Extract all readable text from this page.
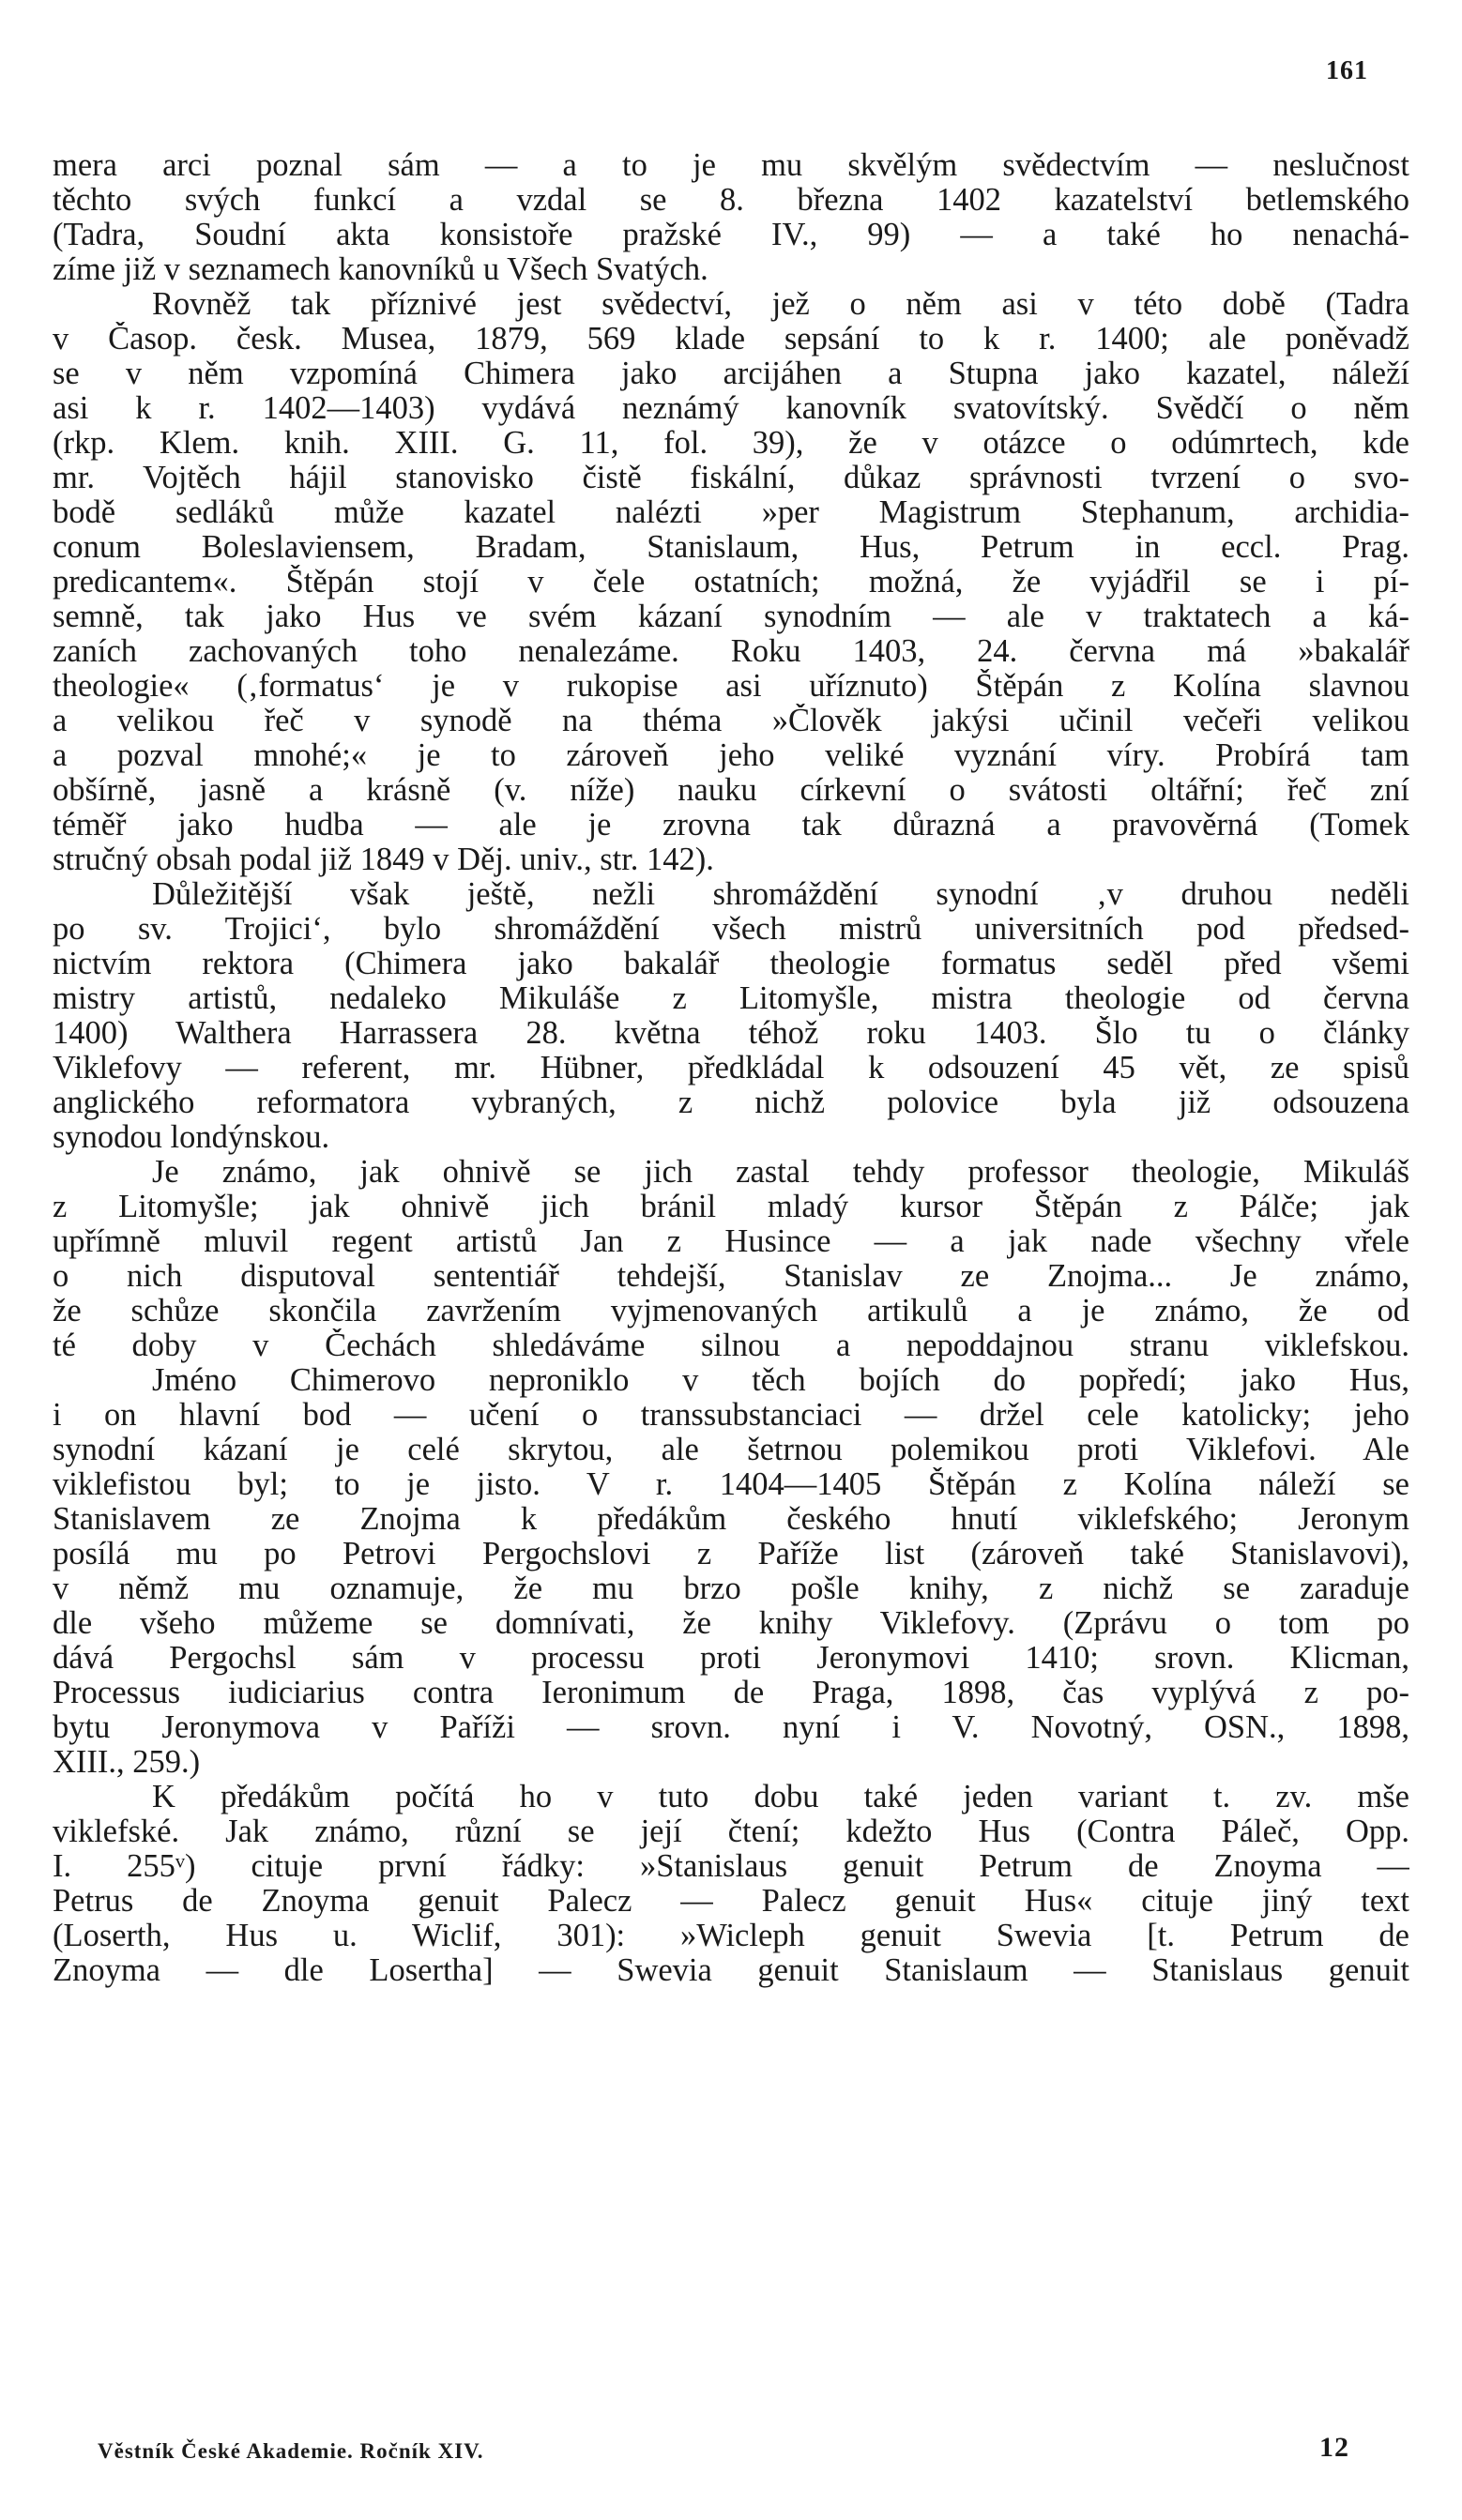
161
mera arci poznal sám — a to je mu skvělým svědectvím — neslučnost
těchto svých funkcí a vzdal se 8. března 1402 kazatelství betlemského
(Tadra, Soudní akta konsistoře pražské IV., 99) — a také ho nenachá-
zíme již v seznamech kanovníků u Všech Svatých.
Rovněž tak příznivé jest svědectví, jež o něm asi v této době (Tadra
v Časop. česk. Musea, 1879, 569 klade sepsání to k r. 1400; ale poněvadž
se v něm vzpomíná Chimera jako arcijáhen a Stupna jako kazatel, náleží
asi k r. 1402—1403) vydává neznámý kanovník svatovítský. Svědčí o něm
(rkp. Klem. knih. XIII. G. 11, fol. 39), že v otázce o odúmrtech, kde
mr. Vojtěch hájil stanovisko čistě fiskální, důkaz správnosti tvrzení o svo-
bodě sedláků může kazatel nalézti »per Magistrum Stephanum, archidia-
conum Boleslaviensem, Bradam, Stanislaum, Hus, Petrum in eccl. Prag.
predicantem«. Štěpán stojí v čele ostatních; možná, že vyjádřil se i pí-
semně, tak jako Hus ve svém kázaní synodním — ale v traktatech a ká-
zaních zachovaných toho nenalezáme. Roku 1403, 24. června má »bakalář
theologie« (‚formatus‘ je v rukopise asi uříznuto) Štěpán z Kolína slavnou
a velikou řeč v synodě na théma »Člověk jakýsi učinil večeři velikou
a pozval mnohé;« je to zároveň jeho veliké vyznání víry. Probírá tam
obšírně, jasně a krásně (v. níže) nauku církevní o svátosti oltářní; řeč zní
téměř jako hudba — ale je zrovna tak důrazná a pravověrná (Tomek
stručný obsah podal již 1849 v Děj. univ., str. 142).
Důležitější však ještě, nežli shromáždění synodní ‚v druhou neděli
po sv. Trojici‘, bylo shromáždění všech mistrů universitních pod předsed-
nictvím rektora (Chimera jako bakalář theologie formatus seděl před všemi
mistry artistů, nedaleko Mikuláše z Litomyšle, mistra theologie od června
1400) Walthera Harrassera 28. května téhož roku 1403. Šlo tu o články
Viklefovy — referent, mr. Hübner, předkládal k odsouzení 45 vět, ze spisů
anglického reformatora vybraných, z nichž polovice byla již odsouzena
synodou londýnskou.
Je známo, jak ohnivě se jich zastal tehdy professor theologie, Mikuláš
z Litomyšle; jak ohnivě jich bránil mladý kursor Štěpán z Pálče; jak
upřímně mluvil regent artistů Jan z Husince — a jak nade všechny vřele
o nich disputoval sententiář tehdejší, Stanislav ze Znojma... Je známo,
že schůze skončila zavržením vyjmenovaných artikulů a je známo, že od
té doby v Čechách shledáváme silnou a nepoddajnou stranu viklefskou.
Jméno Chimerovo neproniklo v těch bojích do popředí; jako Hus,
i on hlavní bod — učení o transsubstanciaci — držel cele katolicky; jeho
synodní kázaní je celé skrytou, ale šetrnou polemikou proti Viklefovi. Ale
viklefistou byl; to je jisto. V r. 1404—1405 Štěpán z Kolína náleží se
Stanislavem ze Znojma k předákům českého hnutí viklefského; Jeronym
posílá mu po Petrovi Pergochslovi z Paříže list (zároveň také Stanislavovi),
v němž mu oznamuje, že mu brzo pošle knihy, z nichž se zaraduje
dle všeho můžeme se domnívati, že knihy Viklefovy. (Zprávu o tom po
dává Pergochsl sám v processu proti Jeronymovi 1410; srovn. Klicman,
Processus iudiciarius contra Ieronimum de Praga, 1898, čas vyplývá z po-
bytu Jeronymova v Paříži — srovn. nyní i V. Novotný, OSN., 1898,
XIII., 259.)
K předákům počítá ho v tuto dobu také jeden variant t. zv. mše
viklefské. Jak známo, různí se její čtení; kdežto Hus (Contra Páleč, Opp.
I. 255ᵛ) cituje první řádky: »Stanislaus genuit Petrum de Znoyma —
Petrus de Znoyma genuit Palecz — Palecz genuit Hus« cituje jiný text
(Loserth, Hus u. Wiclif, 301): »Wicleph genuit Swevia [t. Petrum de
Znoyma — dle Losertha] — Swevia genuit Stanislaum — Stanislaus genuit
Věstník České Akademie. Ročník XIV.	12
